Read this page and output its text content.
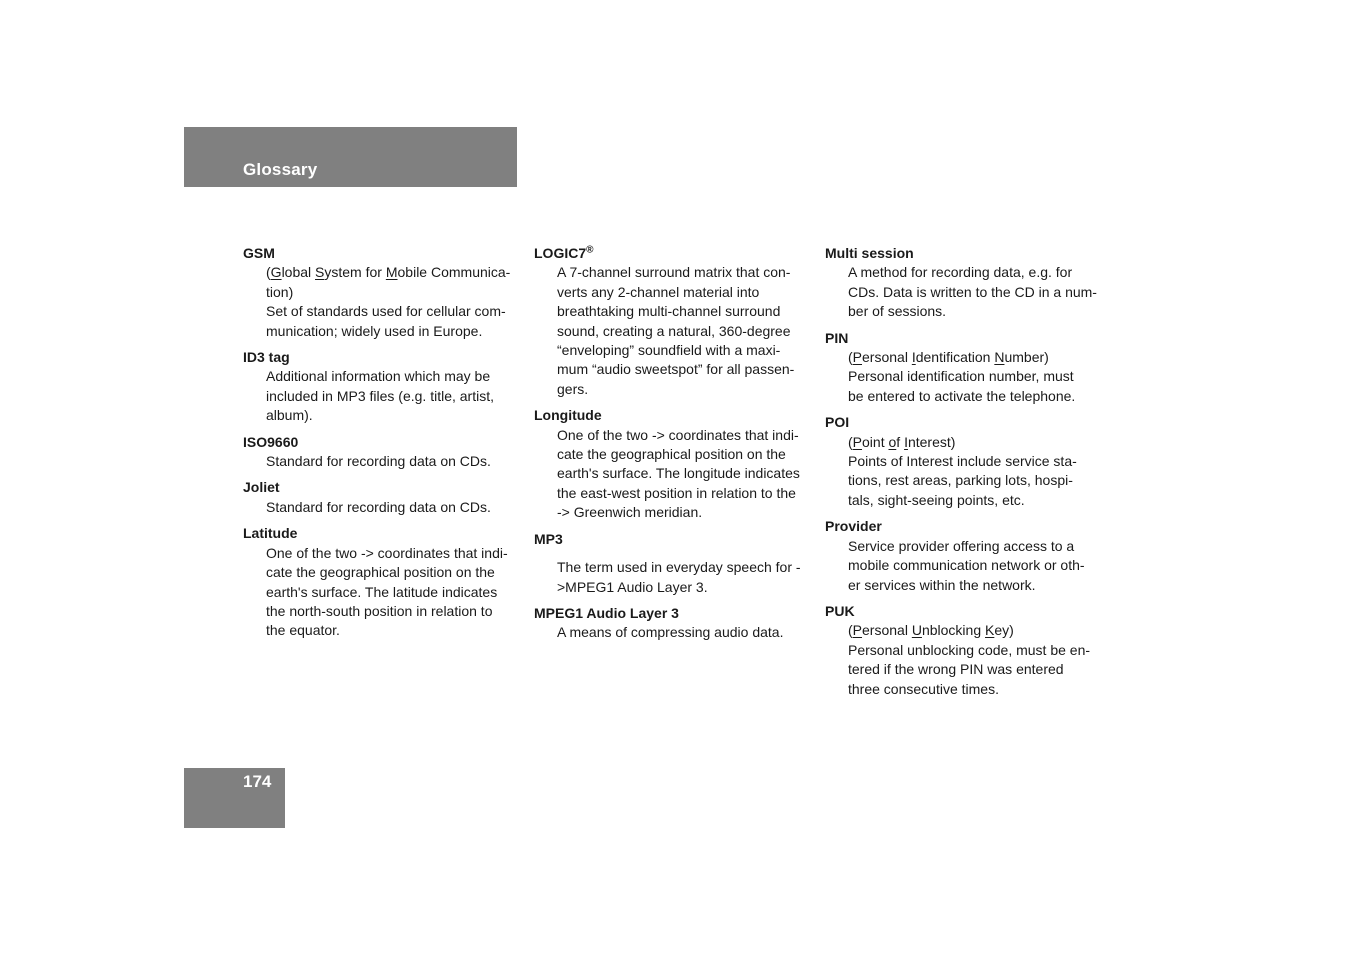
Glossary
GSM
(Global System for Mobile Communica-
tion)
Set of standards used for cellular com-
munication; widely used in Europe.
ID3 tag
Additional information which may be
included in MP3 files (e.g. title, artist,
album).
ISO9660
Standard for recording data on CDs.
Joliet
Standard for recording data on CDs.
Latitude
One of the two -> coordinates that indi-
cate the geographical position on the
earth's surface. The latitude indicates
the north-south position in relation to
the equator.
LOGIC7®
A 7-channel surround matrix that con-
verts any 2-channel material into
breathtaking multi-channel surround
sound, creating a natural, 360-degree
“enveloping” soundfield with a maxi-
mum “audio sweetspot” for all passen-
gers.
Longitude
One of the two -> coordinates that indi-
cate the geographical position on the
earth's surface. The longitude indicates
the east-west position in relation to the
-> Greenwich meridian.
MP3
The term used in everyday speech for -
>MPEG1 Audio Layer 3.
MPEG1 Audio Layer 3
A means of compressing audio data.
Multi session
A method for recording data, e.g. for
CDs. Data is written to the CD in a num-
ber of sessions.
PIN
(Personal Identification Number)
Personal identification number, must
be entered to activate the telephone.
POI
(Point of Interest)
Points of Interest include service sta-
tions, rest areas, parking lots, hospi-
tals, sight-seeing points, etc.
Provider
Service provider offering access to a
mobile communication network or oth-
er services within the network.
PUK
(Personal Unblocking Key)
Personal unblocking code, must be en-
tered if the wrong PIN was entered
three consecutive times.
174
